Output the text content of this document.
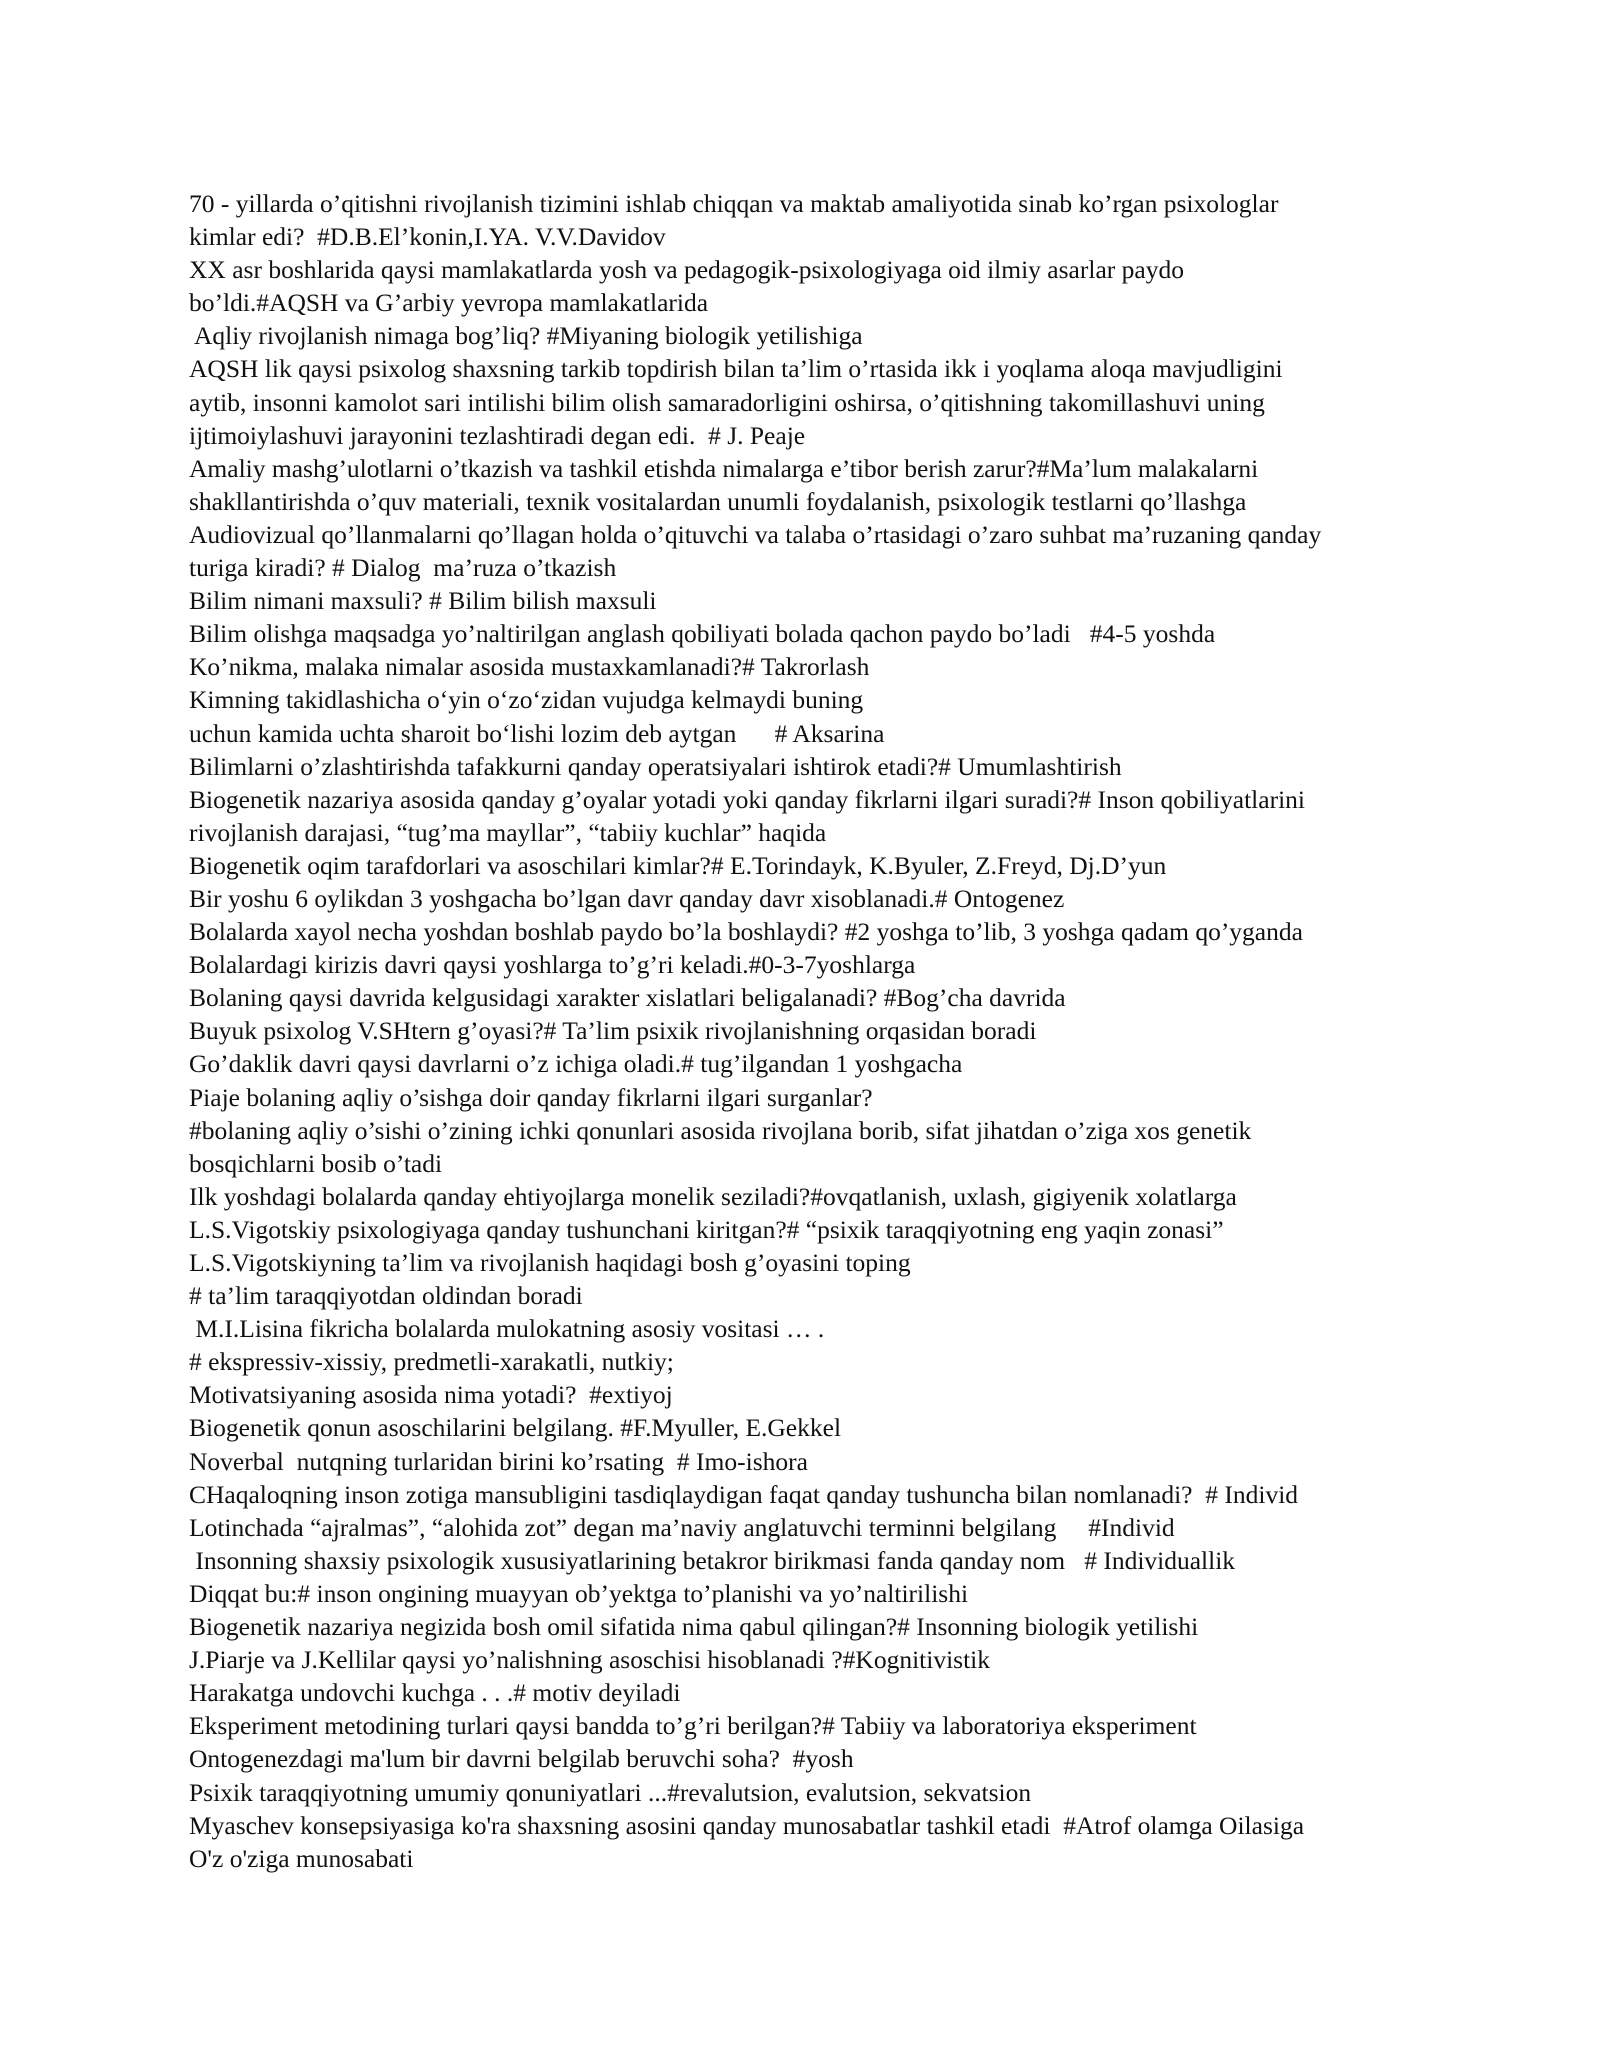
70 - yillarda o’qitishni rivojlanish tizimini ishlab chiqqan va maktab amaliyotida sinab ko’rgan psixologlar
kimlar edi?  #D.B.El’konin,I.YA. V.V.Davidov
XX asr boshlarida qaysi mamlakatlarda yosh va pedagogik-psixologiyaga oid ilmiy asarlar paydo
bo’ldi.#AQSH va G’arbiy yevropa mamlakatlarida
Aqliy rivojlanish nimaga bog’liq? #Miyaning biologik yetilishiga
AQSH lik qaysi psixolog shaxsning tarkib topdirish bilan ta’lim o’rtasida ikk i yoqlama aloqa mavjudligini
aytib, insonni kamolot sari intilishi bilim olish samaradorligini oshirsa, o’qitishning takomillashuvi uning
ijtimoiylashuvi jarayonini tezlashtiradi degan edi.  # J. Peaje
Amaliy mashg’ulotlarni o’tkazish va tashkil etishda nimalarga e’tibor berish zarur?#Ma’lum malakalarni
shakllantirishda o’quv materiali, texnik vositalardan unumli foydalanish, psixologik testlarni qo’llashga
Audiovizual qo’llanmalarni qo’llagan holda o’qituvchi va talaba o’rtasidagi o’zaro suhbat ma’ruzaning qanday
turiga kiradi? # Dialog  ma’ruza o’tkazish
Bilim nimani maxsuli? # Bilim bilish maxsuli
Bilim olishga maqsadga yo’naltirilgan anglash qobiliyati bolada qachon paydo bo’ladi   #4-5 yoshda
Ko’nikma, malaka nimalar asosida mustaxkamlanadi?# Takrorlash
Kimning takidlashicha o‘yin o‘zo‘zidan vujudga kelmaydi buning
uchun kamida uchta sharoit bo‘lishi lozim deb aytgan      # Aksarina
Bilimlarni o’zlashtirishda tafakkurni qanday operatsiyalari ishtirok etadi?# Umumlashtirish
Biogenetik nazariya asosida qanday g’oyalar yotadi yoki qanday fikrlarni ilgari suradi?# Inson qobiliyatlarini
rivojlanish darajasi, “tug’ma mayllar”, “tabiiy kuchlar” haqida
Biogenetik oqim tarafdorlari va asoschilari kimlar?# E.Torindayk, K.Byuler, Z.Freyd, Dj.D’yun
Bir yoshu 6 oylikdan 3 yoshgacha bo’lgan davr qanday davr xisoblanadi.# Ontogenez
Bolalarda xayol necha yoshdan boshlab paydo bo’la boshlaydi? #2 yoshga to’lib, 3 yoshga qadam qo’yganda
Bolalardagi kirizis davri qaysi yoshlarga to’g’ri keladi.#0-3-7yoshlarga
Bolaning qaysi davrida kelgusidagi xarakter xislatlari beligalanadi? #Bog’cha davrida
Buyuk psixolog V.SHtern g’oyasi?# Ta’lim psixik rivojlanishning orqasidan boradi
Go’daklik davri qaysi davrlarni o’z ichiga oladi.# tug’ilgandan 1 yoshgacha
Piaje bolaning aqliy o’sishga doir qanday fikrlarni ilgari surganlar?
#bolaning aqliy o’sishi o’zining ichki qonunlari asosida rivojlana borib, sifat jihatdan o’ziga xos genetik
bosqichlarni bosib o’tadi
Ilk yoshdagi bolalarda qanday ehtiyojlarga monelik seziladi?#ovqatlanish, uxlash, gigiyenik xolatlarga
L.S.Vigotskiy psixologiyaga qanday tushunchani kiritgan?# “psixik taraqqiyotning eng yaqin zonasi”
L.S.Vigotskiyning ta’lim va rivojlanish haqidagi bosh g’oyasini toping
# ta’lim taraqqiyotdan oldindan boradi
M.I.Lisina fikricha bolalarda mulokatning asosiy vositasi … .
# ekspressiv-xissiy, predmetli-xarakatli, nutkiy;
Motivatsiyaning asosida nima yotadi?  #extiyoj
Biogenetik qonun asoschilarini belgilang. #F.Myuller, E.Gekkel
Noverbal  nutqning turlaridan birini ko’rsating  # Imo-ishora
CHaqaloqning inson zotiga mansubligini tasdiqlaydigan faqat qanday tushuncha bilan nomlanadi?  # Individ
Lotinchada “ajralmas”, “alohida zot” degan ma’naviy anglatuvchi terminni belgilang     #Individ
Insonning shaxsiy psixologik xususiyatlarining betakror birikmasi fanda qanday nom   # Individuallik
Diqqat bu:# inson ongining muayyan ob’yektga to’planishi va yo’naltirilishi
Biogenetik nazariya negizida bosh omil sifatida nima qabul qilingan?# Insonning biologik yetilishi
J.Piarje va J.Kellilar qaysi yo’nalishning asoschisi hisoblanadi ?#Kognitivistik
Harakatga undovchi kuchga . . .# motiv deyiladi
Eksperiment metodining turlari qaysi bandda to’g’ri berilgan?# Tabiiy va laboratoriya eksperiment
Ontogenezdagi ma'lum bir davrni belgilab beruvchi soha?  #yosh
Psixik taraqqiyotning umumiy qonuniyatlari ...#revalutsion, evalutsion, sekvatsion
Myaschev konsepsiyasiga ko'ra shaxsning asosini qanday munosabatlar tashkil etadi  #Atrof olamga Oilasiga
O'z o'ziga munosabati
